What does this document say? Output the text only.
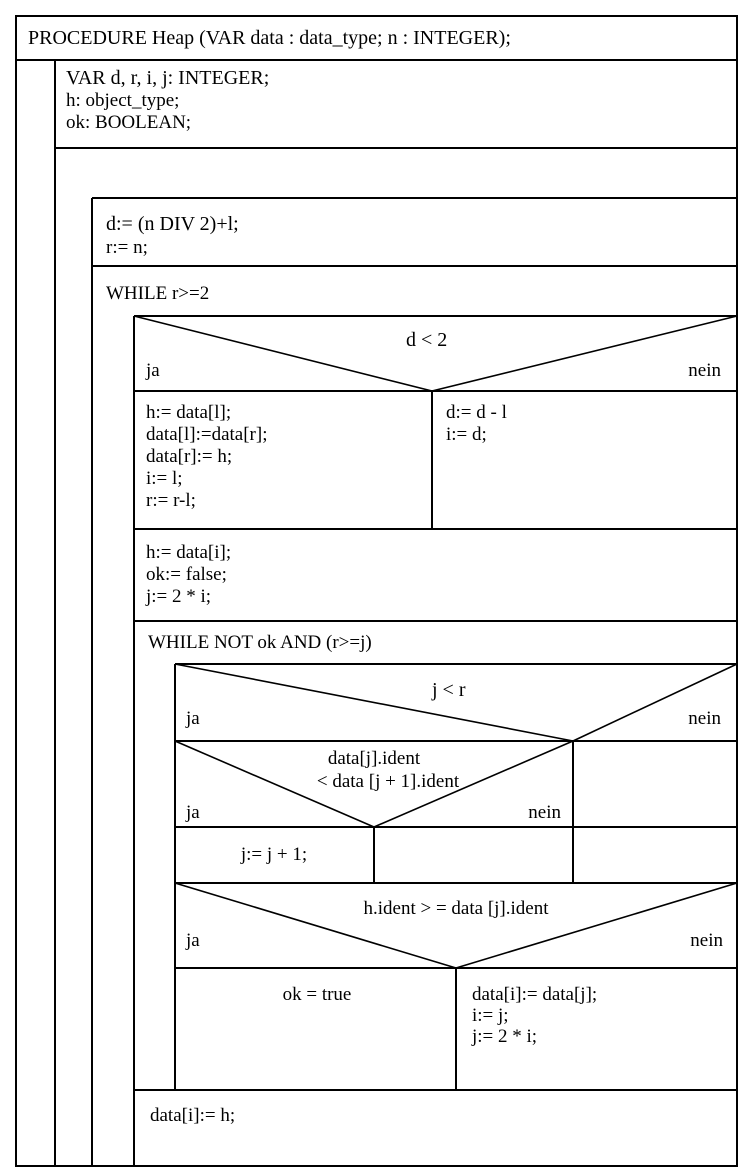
PROCEDURE Heap (VAR data : data_type; n : INTEGER);
VAR d, r, i, j: INTEGER;
h: object_type;
ok: BOOLEAN;
d:= (n DIV 2)+l;
r:= n;
WHILE r>=2
d < 2
ja	nein
h:= data[l];
data[l]:=data[r];
data[r]:= h;
i:= l;
r:= r-l;
d:= d - l
i:= d;
h:= data[i];
ok:= false;
j:= 2 * i;
WHILE NOT ok AND (r>=j)
j < r
ja	nein
data[j].ident
< data [j + 1].ident
ja	nein
j:= j + 1;
h.ident > = data [j].ident
ja	nein
ok = true	data[i]:= data[j];
i:= j;
j:= 2 * i;
data[i]:= h;
